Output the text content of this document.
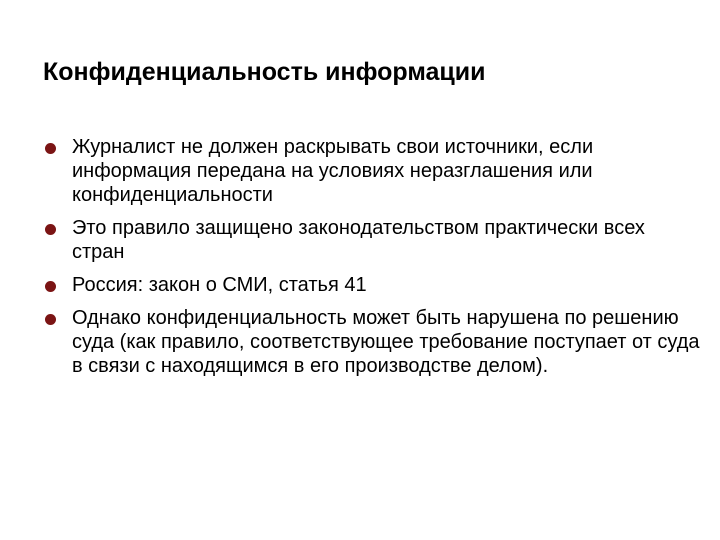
Конфиденциальность информации
Журналист не должен раскрывать свои источники, если информация передана на условиях неразглашения или конфиденциальности
Это правило защищено законодательством практически всех стран
Россия: закон о СМИ, статья 41
Однако конфиденциальность может быть нарушена по решению суда (как правило, соответствующее требование поступает от суда в связи с находящимся в его производстве делом).
